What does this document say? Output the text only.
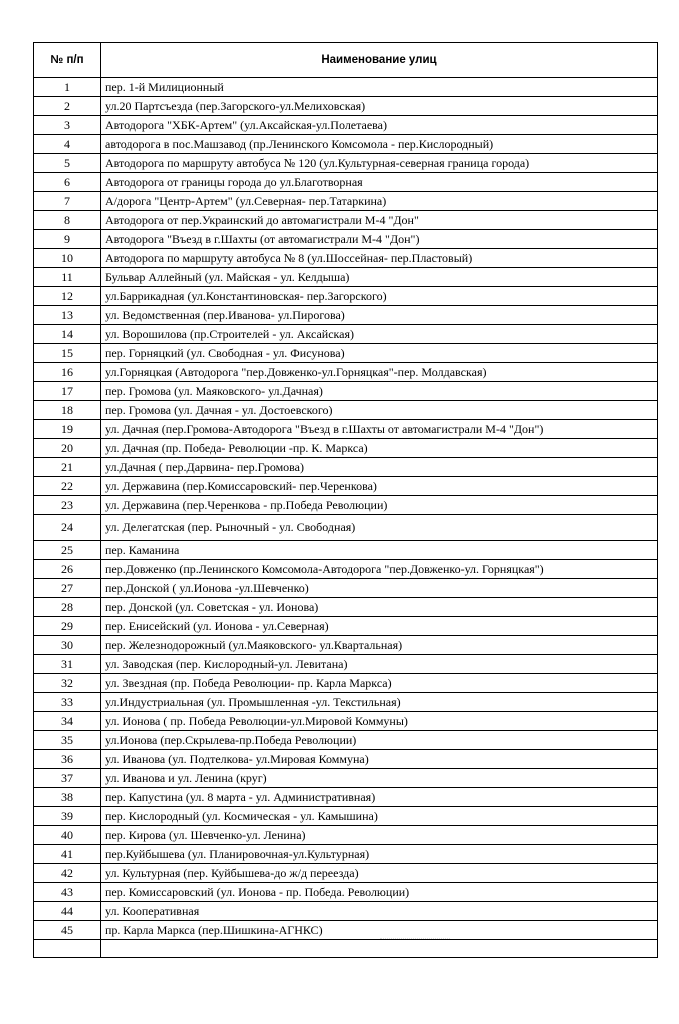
№ п/п	Наименование улиц
1	пер. 1-й Милиционный
2	ул.20 Партсъезда (пер.Загорского-ул.Мелиховская)
3	Автодорога "ХБК-Артем" (ул.Аксайская-ул.Полетаева)
4	автодорога в пос.Машзавод (пр.Ленинского Комсомола - пер.Кислородный)
5	Автодорога по маршруту автобуса № 120 (ул.Культурная-северная граница города)
6	Автодорога от границы города до ул.Благотворная
7	А/дорога "Центр-Артем" (ул.Северная- пер.Татаркина)
8	Автодорога от пер.Украинский до автомагистрали М-4 "Дон"
9	Автодорога "Въезд в г.Шахты (от автомагистрали М-4 "Дон")
10	Автодорога по маршруту автобуса № 8 (ул.Шоссейная- пер.Пластовый)
11	Бульвар Аллейный (ул. Майская - ул. Келдыша)
12	ул.Баррикадная (ул.Константиновская- пер.Загорского)
13	ул. Ведомственная (пер.Иванова- ул.Пирогова)
14	ул. Ворошилова (пр.Строителей - ул. Аксайская)
15	пер. Горняцкий (ул. Свободная - ул. Фисунова)
16	ул.Горняцкая (Автодорога "пер.Довженко-ул.Горняцкая"-пер. Молдавская)
17	пер. Громова (ул. Маяковского- ул.Дачная)
18	пер. Громова (ул. Дачная - ул. Достоевского)
19	ул. Дачная (пер.Громова-Автодорога "Въезд в г.Шахты от автомагистрали М-4 "Дон")
20	ул. Дачная (пр. Победа- Революции -пр. К. Маркса)
21	ул.Дачная ( пер.Дарвина- пер.Громова)
22	ул. Державина (пер.Комиссаровский- пер.Черенкова)
23	ул. Державина (пер.Черенкова - пр.Победа Революции)
24	ул. Делегатская (пер. Рыночный - ул. Свободная)
25	пер. Каманина
26	пер.Довженко (пр.Ленинского Комсомола-Автодорога "пер.Довженко-ул. Горняцкая")
27	пер.Донской ( ул.Ионова -ул.Шевченко)
28	пер. Донской (ул. Советская - ул. Ионова)
29	пер. Енисейский (ул. Ионова - ул.Северная)
30	пер. Железнодорожный (ул.Маяковского- ул.Квартальная)
31	ул. Заводская (пер. Кислородный-ул. Левитана)
32	ул. Звездная (пр. Победа Революции- пр. Карла Маркса)
33	ул.Индустриальная (ул. Промышленная -ул. Текстильная)
34	ул. Ионова ( пр. Победа Революции-ул.Мировой Коммуны)
35	ул.Ионова (пер.Скрылева-пр.Победа Революции)
36	ул. Иванова (ул. Подтелкова- ул.Мировая Коммуна)
37	ул. Иванова и ул. Ленина (круг)
38	пер. Капустина (ул. 8 марта - ул. Административная)
39	пер. Кислородный (ул. Космическая - ул. Камышина)
40	пер. Кирова (ул. Шевченко-ул. Ленина)
41	пер.Куйбышева (ул. Планировочная-ул.Культурная)
42	ул. Культурная (пер. Куйбышева-до ж/д переезда)
43	пер. Комиссаровский (ул. Ионова - пр. Победа. Революции)
44	ул. Кооперативная
45	пр. Карла Маркса (пер.Шишкина-АГНКС)
